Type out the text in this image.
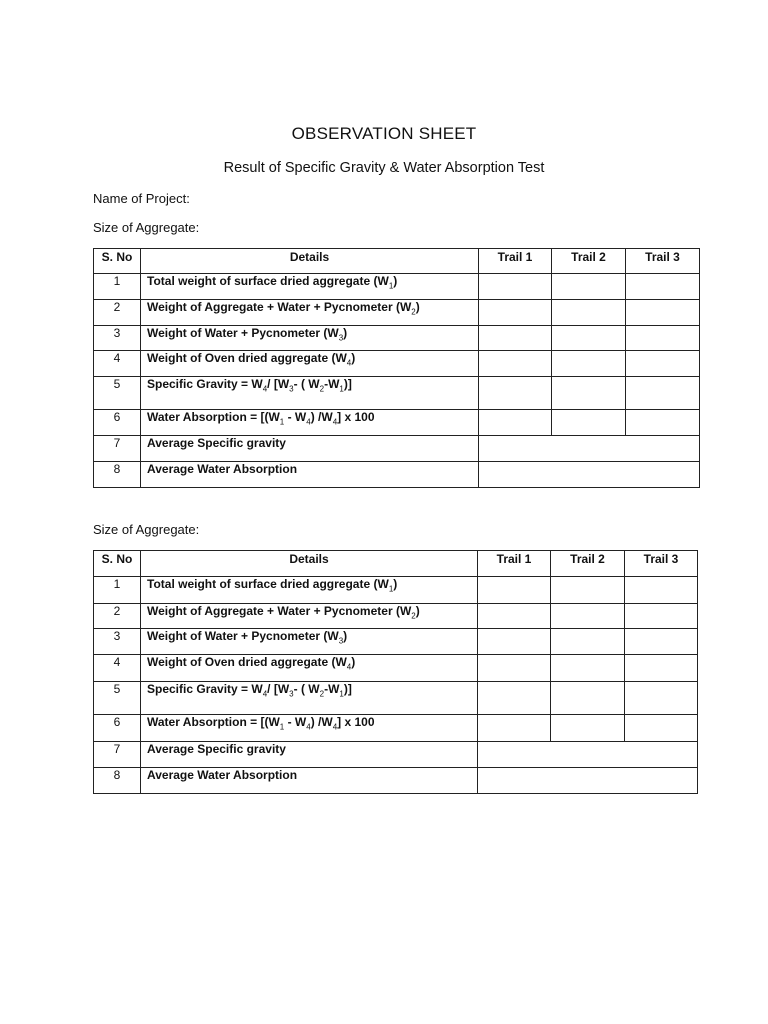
OBSERVATION SHEET
Result of Specific Gravity & Water Absorption Test
Name of Project:
Size of Aggregate:
S. No	Details	Trail 1	Trail 2	Trail 3
1	Total weight of surface dried aggregate $(W_1)$			
2	Weight of Aggregate + Water + Pycnometer $(W_2)$			
3	Weight of Water + Pycnometer $(W_3)$			
4	Weight of Oven dried aggregate $(W_4)$			
5	Specific Gravity = $W_4/$ [$W_3-$ ( $W_2-W_1$)]			
6	Water Absorption = [$(W_1 - W_4)$ $/W_4$] x 100			
7	Average Specific gravity			
8	Average Water Absorption			
Size of Aggregate:
S. No	Details	Trail 1	Trail 2	Trail 3
1	Total weight of surface dried aggregate $(W_1)$			
2	Weight of Aggregate + Water + Pycnometer $(W_2)$			
3	Weight of Water + Pycnometer $(W_3)$			
4	Weight of Oven dried aggregate $(W_4)$			
5	Specific Gravity = $W_4/$ [$W_3-$ ( $W_2-W_1$)]			
6	Water Absorption = [$(W_1 - W_4)$ $/W_4$] x 100			
7	Average Specific gravity			
8	Average Water Absorption			
